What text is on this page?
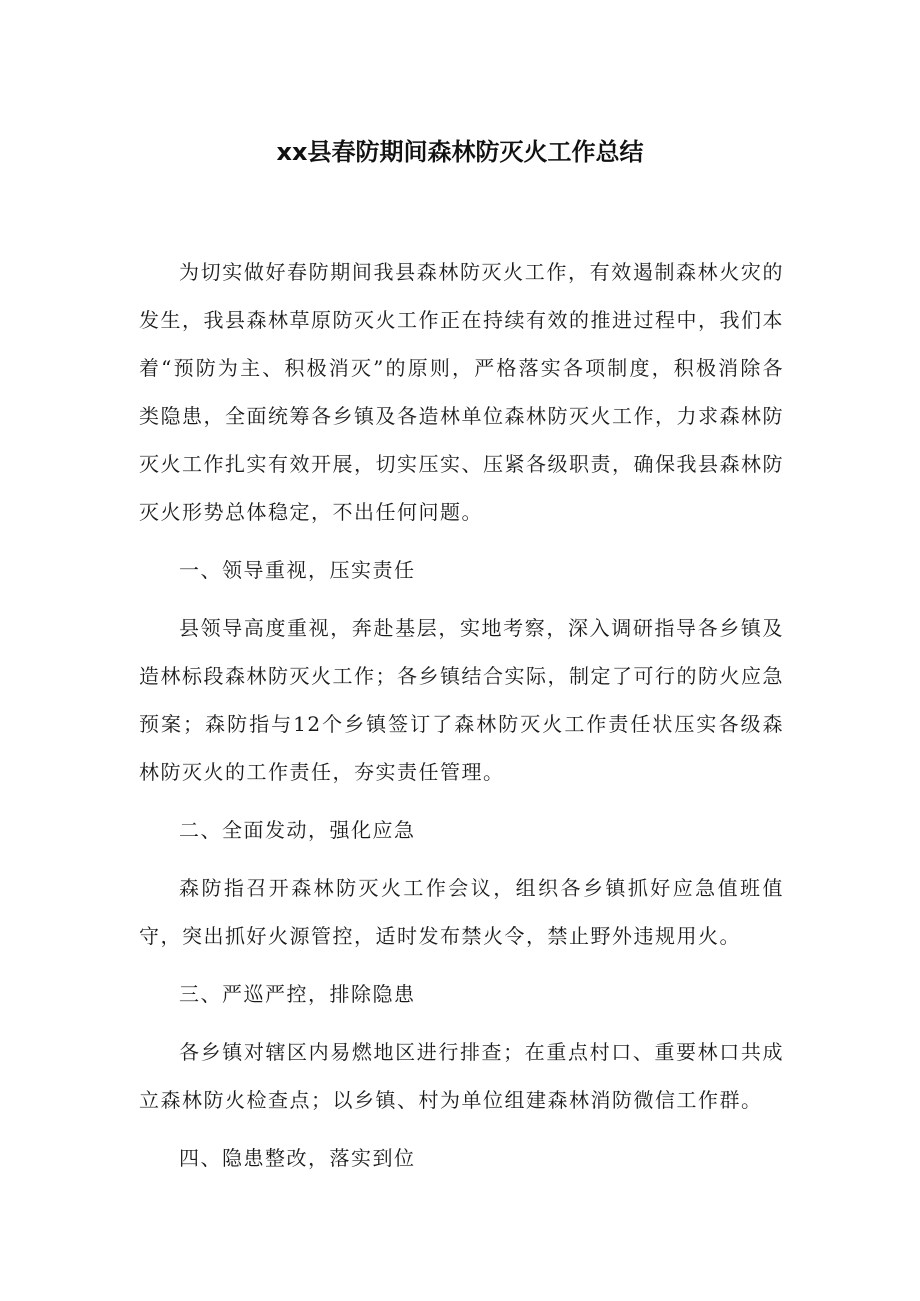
xx县春防期间森林防灭火工作总结

为切实做好春防期间我县森林防灭火工作，有效遏制森林火灾的发生，我县森林草原防灭火工作正在持续有效的推进过程中，我们本着“预防为主、积极消灭”的原则，严格落实各项制度，积极消除各类隐患，全面统筹各乡镇及各造林单位森林防灭火工作，力求森林防灭火工作扎实有效开展，切实压实、压紧各级职责，确保我县森林防灭火形势总体稳定，不出任何问题。

一、领导重视，压实责任

县领导高度重视，奔赴基层，实地考察，深入调研指导各乡镇及造林标段森林防灭火工作；各乡镇结合实际，制定了可行的防火应急预案；森防指与12个乡镇签订了森林防灭火工作责任状压实各级森林防灭火的工作责任，夯实责任管理。

二、全面发动，强化应急

森防指召开森林防灭火工作会议，组织各乡镇抓好应急值班值守，突出抓好火源管控，适时发布禁火令，禁止野外违规用火。

三、严巡严控，排除隐患

各乡镇对辖区内易燃地区进行排查；在重点村口、重要林口共成立森林防火检查点；以乡镇、村为单位组建森林消防微信工作群。

四、隐患整改，落实到位
